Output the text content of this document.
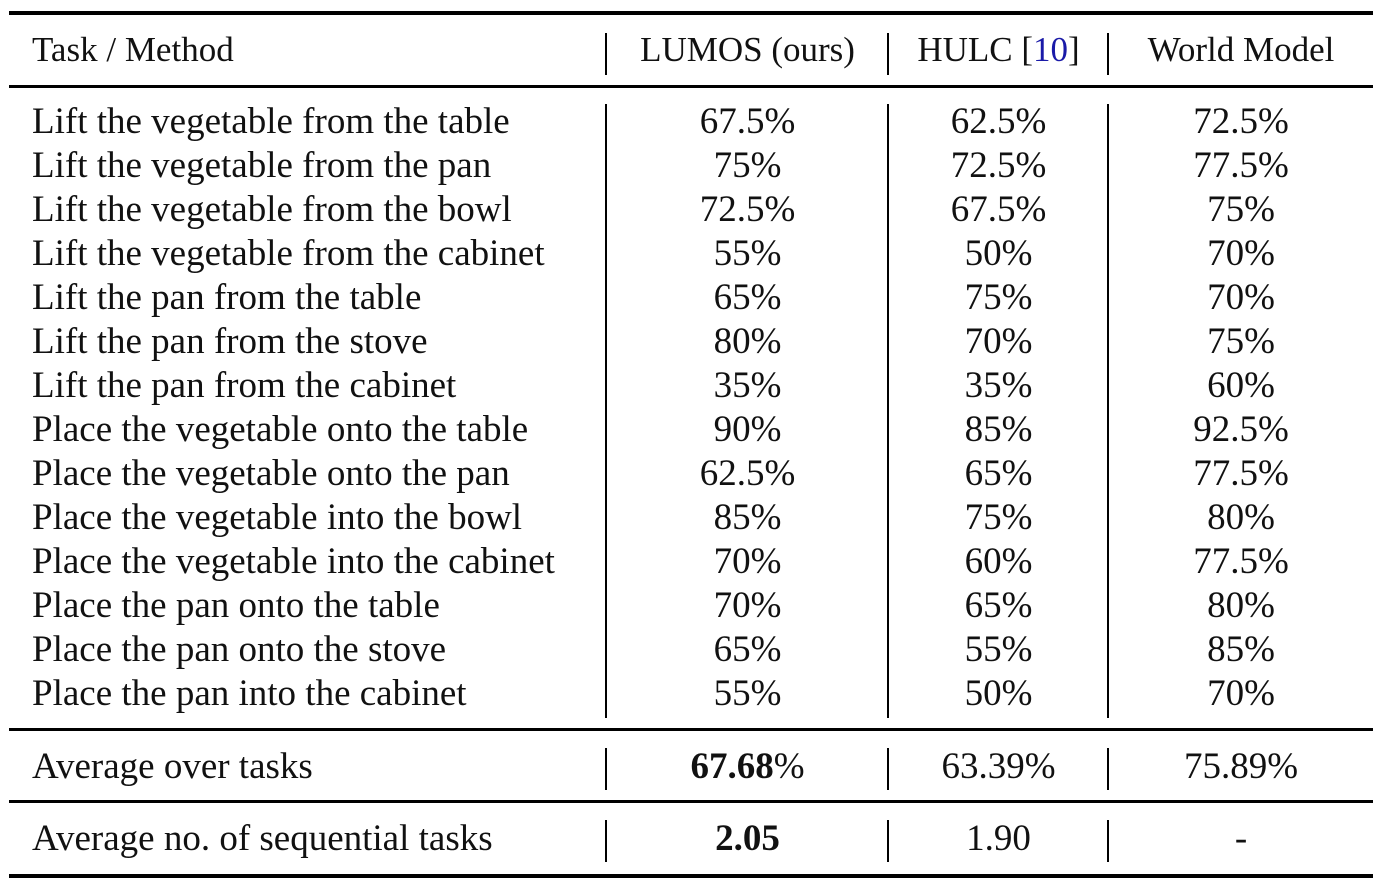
Task / Method	LUMOS (ours)	HULC [10]	World Model
Lift the vegetable from the table	67.5%	62.5%	72.5%
Lift the vegetable from the pan	75%	72.5%	77.5%
Lift the vegetable from the bowl	72.5%	67.5%	75%
Lift the vegetable from the cabinet	55%	50%	70%
Lift the pan from the table	65%	75%	70%
Lift the pan from the stove	80%	70%	75%
Lift the pan from the cabinet	35%	35%	60%
Place the vegetable onto the table	90%	85%	92.5%
Place the vegetable onto the pan	62.5%	65%	77.5%
Place the vegetable into the bowl	85%	75%	80%
Place the vegetable into the cabinet	70%	60%	77.5%
Place the pan onto the table	70%	65%	80%
Place the pan onto the stove	65%	55%	85%
Place the pan into the cabinet	55%	50%	70%
Average over tasks	67.68%	63.39%	75.89%
Average no. of sequential tasks	2.05	1.90	-
